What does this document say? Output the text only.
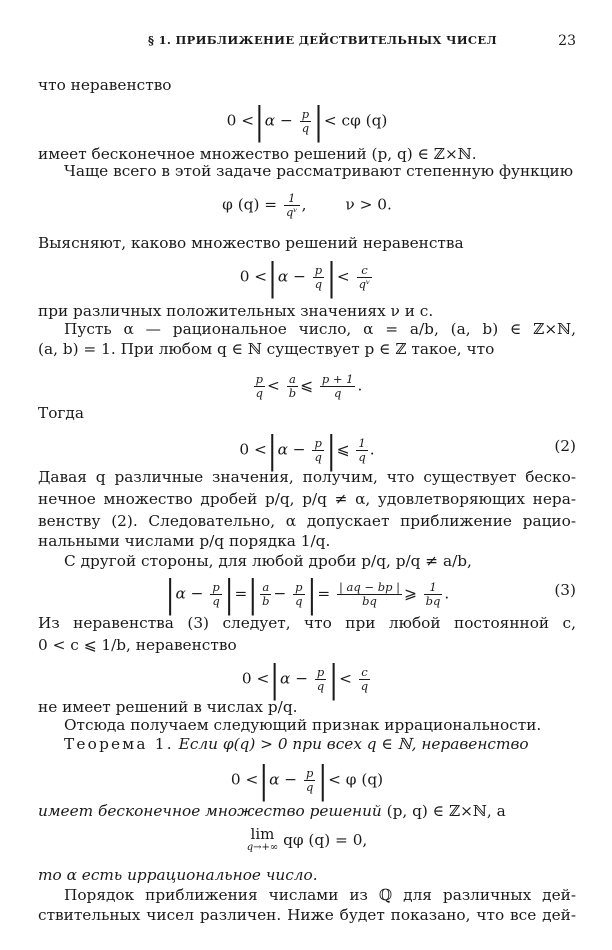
§ 1. ПРИБЛИЖЕНИЕ ДЕЙСТВИТЕЛЬНЫХ ЧИСЕЛ	23
что неравенство
$0 <|\alpha - \frac{p}{q}$ |< cφ (q)
имеет бесконечное множество решений (p, q) ∈ ℤ×ℕ.
Чаще всего в этой задаче рассматривают степенную функцию
φ $(q) = \frac{1}{\text{qᵛ}}$ ,        ν > 0.
Выясняют, каково множество решений неравенства
$0 <|\alpha - \frac{p}{q}$ |< $\frac{c}{\text{qᵛ}}$
при различных положительных значениях ν и c.
Пусть α — рациональное число, α = a/b, (a, b) ∈ ℤ×ℕ,
(a, b) = 1. При любом q ∈ ℕ существует p ∈ ℤ такое, что
$\frac{p}{q} < \frac{a}{b}$ ⩽ $\frac{p + 1}{q}$ .
Тогда
$0 <|\alpha - \frac{p}{q}$ |⩽ $\frac{1}{q}$ .	(2)
Давая q различные значения, получим, что существует беско-
нечное множество дробей p/q, p/q ≠ α, удовлетворяющих нера-
венству (2). Следовательно, α допускает приближение рацио-
нальными числами p/q порядка 1/q.
С другой стороны, для любой дроби p/q, p/q ≠ a/b,
$|\alpha - \frac{p}{q}$ |=| $\frac{a}{b} - \frac{p}{q}$ |= $\frac{| aq - bp |}{bq}$ ⩾ $\frac{1}{bq}$ .	(3)
Из неравенства (3) следует, что при любой постоянной c,
0 < c ⩽ 1/b, неравенство
$0 <|\alpha - \frac{p}{q}$ |< $\frac{c}{q}$
не имеет решений в числах p/q.
Отсюда получаем следующий признак иррациональности.
Теорема 1. Если φ(q) > 0 при всех q ∈ ℕ, неравенство
$0 <|\alpha - \frac{p}{q}$ |< φ (q)
имеет бесконечное множество решений (p, q) ∈ ℤ×ℕ, а
lim
q→+∞ qφ (q) = 0,
то α есть иррациональное число.
Порядок приближения числами из ℚ для различных дей-
ствительных чисел различен. Ниже будет показано, что все дей-
